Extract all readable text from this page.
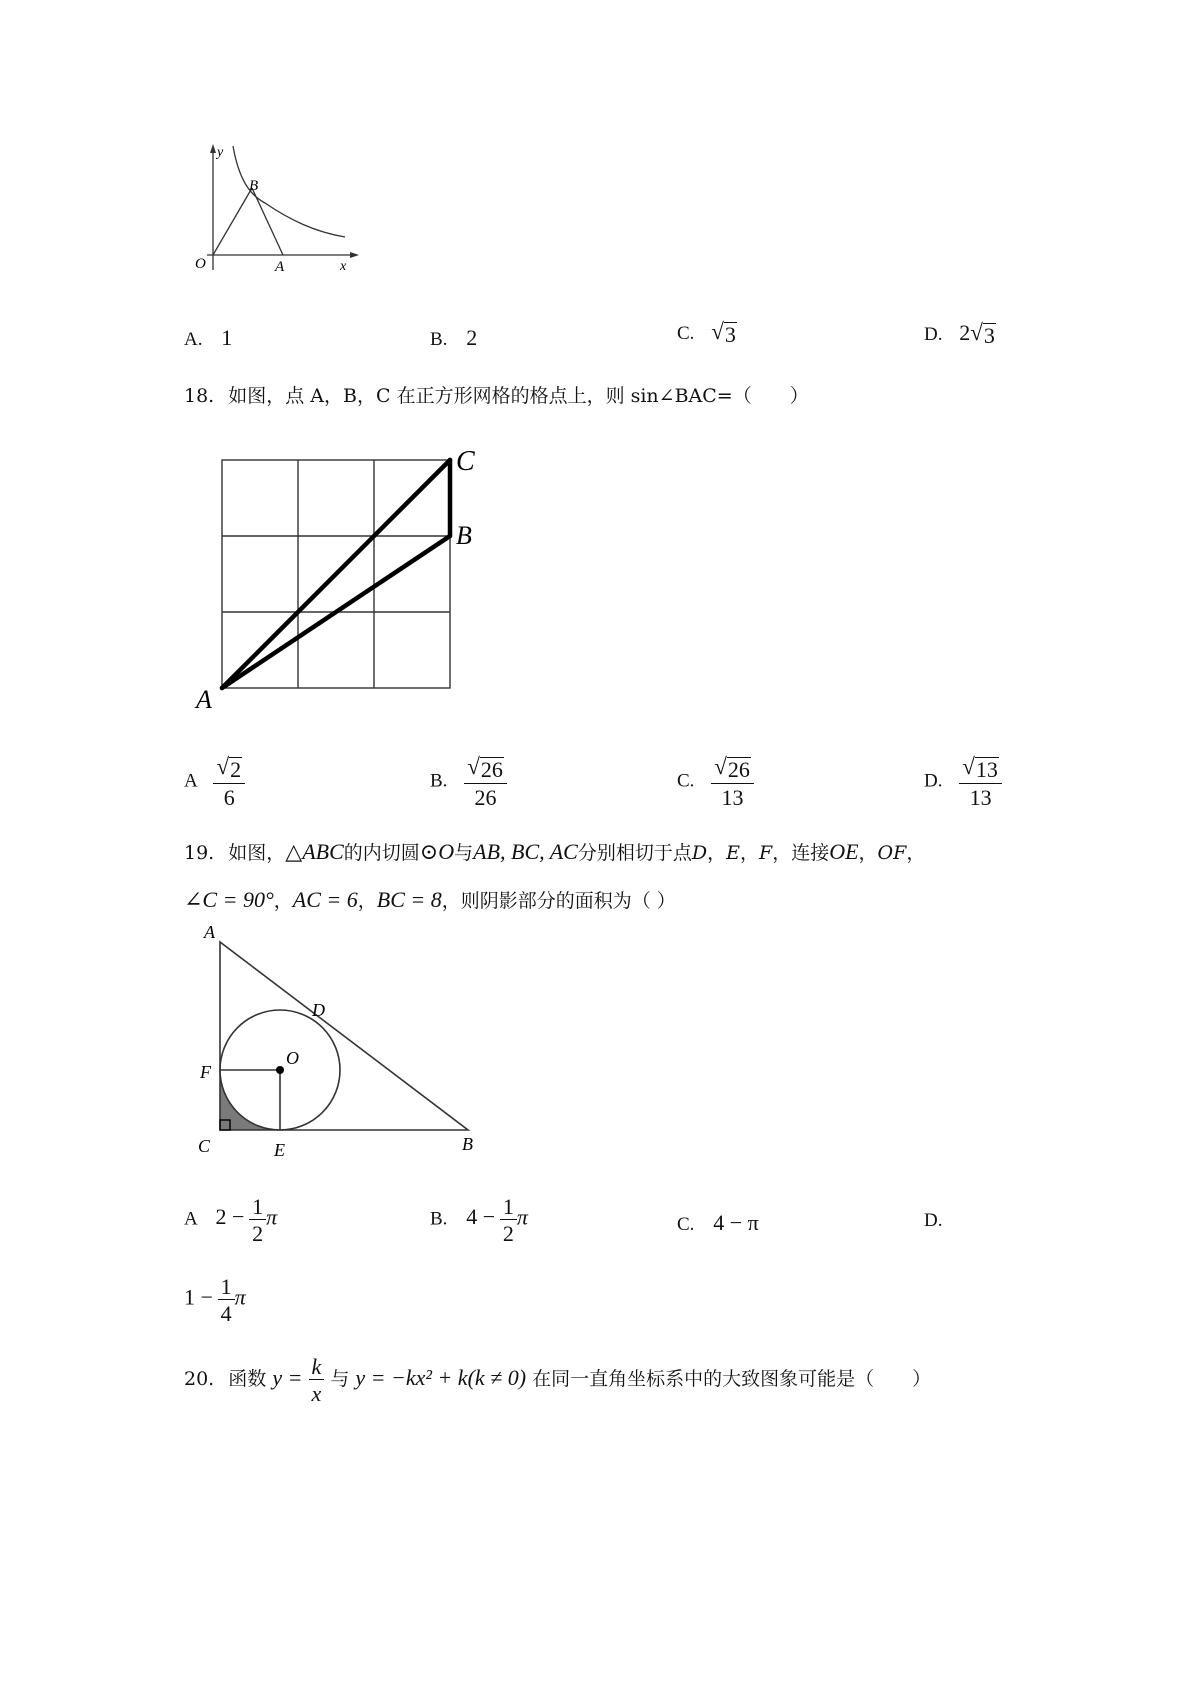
y
x
O	A
B
A. 1	B. 2	C. √ 3	D. 2 √ 3
18. 如图，点 A，B，C 在正方形网格的格点上，则 sin∠BAC=（　　）
A
B
C
A $\frac{√ 2}{6}$	B. $\frac{√ 26}{26}$	C. $\frac{√ 26}{13}$	D. $\frac{√ 13}{13}$
19. 如图，△ABC的内切圆⊙O与AB, BC, AC分别相切于点D，E，F，连接OE，OF，
∠C = 90°，AC = 6，BC = 8，则阴影部分的面积为（ ）
A
B
C
D
E
F
O
A $2 - \frac{1}{2}$ π	B. $4 - \frac{1}{2}$ π	C. 4 − π	D.
$1 - \frac{1}{4}$ π
20. 函数 $y = \frac{k}{x}$ 与 y = −kx² + k(k ≠ 0) 在同一直角坐标系中的大致图象可能是（　　）
